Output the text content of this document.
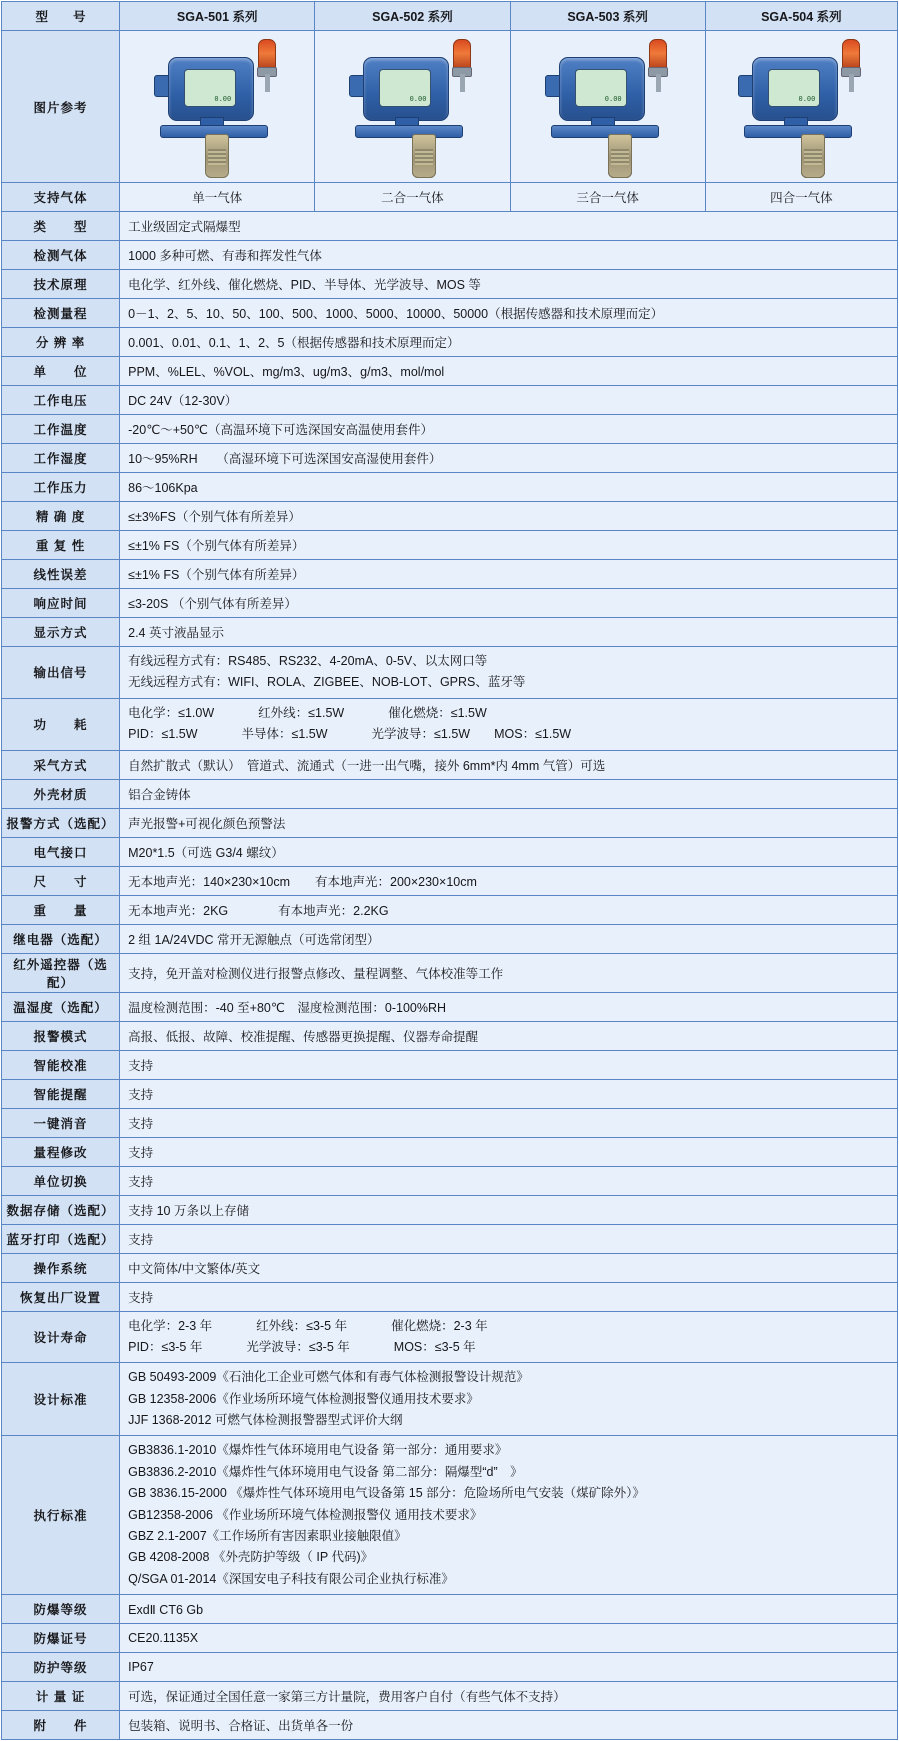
型　　号	SGA-501 系列	SGA-502 系列	SGA-503 系列	SGA-504 系列
图片参考	0.00	0.00	0.00	0.00

支持气体	单一气体	二合一气体	三合一气体	四合一气体
类　　型	工业级固定式隔爆型			
检测气体	1000 多种可燃、有毒和挥发性气体			
技术原理	电化学、红外线、催化燃烧、PID、半导体、光学波导、MOS 等			
检测量程	0－1、2、5、10、50、100、500、1000、5000、10000、50000（根据传感器和技术原理而定）			
分 辨 率	0.001、0.01、0.1、1、2、5（根据传感器和技术原理而定）			
单　　位	PPM、%LEL、%VOL、mg/m3、ug/m3、g/m3、mol/mol			
工作电压	DC 24V（12-30V）			
工作温度	-20℃～+50℃（高温环境下可选深国安高温使用套件）			
工作湿度	10～95%RH　　（高湿环境下可选深国安高湿使用套件）			
工作压力	86～106Kpa			
精 确 度	≤±3%FS（个别气体有所差异）			
重 复 性	≤±1% FS（个别气体有所差异）			
线性误差	≤±1% FS（个别气体有所差异）			
响应时间	≤3-20S （个别气体有所差异）			
显示方式	2.4 英寸液晶显示			
输出信号	有线远程方式有：RS485、RS232、4-20mA、0-5V、以太网口等
无线远程方式有：WIFI、ROLA、ZIGBEE、NOB-LOT、GPRS、蓝牙等			

功　　耗	电化学：≤1.0W 红外线：≤1.5W 催化燃烧：≤1.5W
PID：≤1.5W 半导体：≤1.5W 光学波导：≤1.5W MOS：≤1.5W			

采气方式	自然扩散式（默认）　管道式、流通式（一进一出气嘴，接外 6mm*内 4mm 气管）可选			
外壳材质	铝合金铸体			
报警方式（选配）	声光报警+可视化颜色预警法			
电气接口	M20*1.5（可选 G3/4 螺纹）			
尺　　寸	无本地声光：140×230×10cm　　有本地声光：200×230×10cm			
重　　量	无本地声光：2KG　　　　有本地声光：2.2KG			
继电器（选配）	2 组 1A/24VDC 常开无源触点（可选常闭型）			
红外遥控器（选配）	支持，免开盖对检测仪进行报警点修改、量程调整、气体校准等工作			
温湿度（选配）	温度检测范围：-40 至+80℃　湿度检测范围：0-100%RH			
报警模式	高报、低报、故障、校准提醒、传感器更换提醒、仪器寿命提醒			
智能校准	支持			
智能提醒	支持			
一键消音	支持			
量程修改	支持			
单位切换	支持			
数据存储（选配）	支持 10 万条以上存储			
蓝牙打印（选配）	支持			
操作系统	中文简体/中文繁体/英文			
恢复出厂设置	支持			
设计寿命	电化学：2-3 年 红外线：≤3-5 年 催化燃烧：2-3 年
PID：≤3-5 年 光学波导：≤3-5 年 MOS：≤3-5 年			

设计标准	GB 50493-2009《石油化工企业可燃气体和有毒气体检测报警设计规范》
GB 12358-2006《作业场所环境气体检测报警仪通用技术要求》
JJF 1368-2012 可燃气体检测报警器型式评价大纲			

执行标准	
GB3836.1-2010《爆炸性气体环境用电气设备 第一部分：通用要求》
GB3836.2-2010《爆炸性气体环境用电气设备 第二部分：隔爆型“d”　》
GB 3836.15-2000 《爆炸性气体环境用电气设备第 15 部分：危险场所电气安装（煤矿除外）》
GB12358-2006 《作业场所环境气体检测报警仪 通用技术要求》
GBZ 2.1-2007《工作场所有害因素职业接触限值》
GB 4208-2008 《外壳防护等级（ IP 代码)》
Q/SGA 01-2014《深国安电子科技有限公司企业执行标准》

防爆等级	ExdⅡ CT6 Gb			
防爆证号	CE20.1135X			
防护等级	IP67			
计 量 证	可选，保证通过全国任意一家第三方计量院，费用客户自付（有些气体不支持）			
附　　件	包装箱、说明书、合格证、出货单各一份			
